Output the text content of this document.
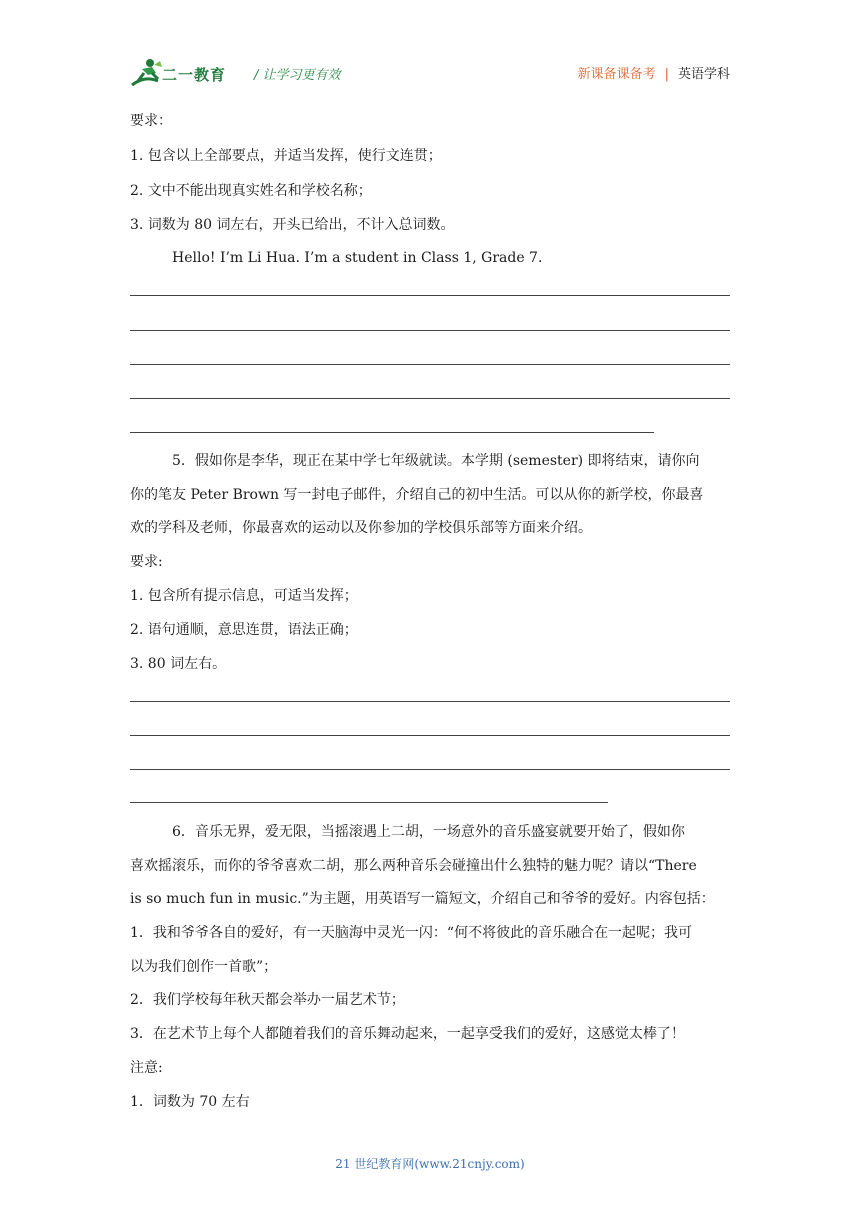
二一教育 / 让学习更有效	新课备课备考 | 英语学科
要求：
1. 包含以上全部要点，并适当发挥，使行文连贯；
2. 文中不能出现真实姓名和学校名称；
3. 词数为 80 词左右，开头已给出，不计入总词数。
Hello! I’m Li Hua. I’m a student in Class 1, Grade 7.
5．假如你是李华，现正在某中学七年级就读。本学期 (semester) 即将结束，请你向
你的笔友 Peter Brown 写一封电子邮件，介绍自己的初中生活。可以从你的新学校，你最喜
欢的学科及老师，你最喜欢的运动以及你参加的学校俱乐部等方面来介绍。
要求:
1. 包含所有提示信息，可适当发挥；
2. 语句通顺，意思连贯，语法正确；
3. 80 词左右。
6．音乐无界，爱无限，当摇滚遇上二胡，一场意外的音乐盛宴就要开始了，假如你
喜欢摇滚乐，而你的爷爷喜欢二胡，那么两种音乐会碰撞出什么独特的魅力呢？请以“There
is so much fun in music.”为主题，用英语写一篇短文，介绍自己和爷爷的爱好。内容包括：
1．我和爷爷各自的爱好，有一天脑海中灵光一闪：“何不将彼此的音乐融合在一起呢；我可
以为我们创作一首歌”；
2．我们学校每年秋天都会举办一届艺术节；
3．在艺术节上每个人都随着我们的音乐舞动起来，一起享受我们的爱好，这感觉太棒了！
注意:
1．词数为 70 左右
21 世纪教育网(www.21cnjy.com)
